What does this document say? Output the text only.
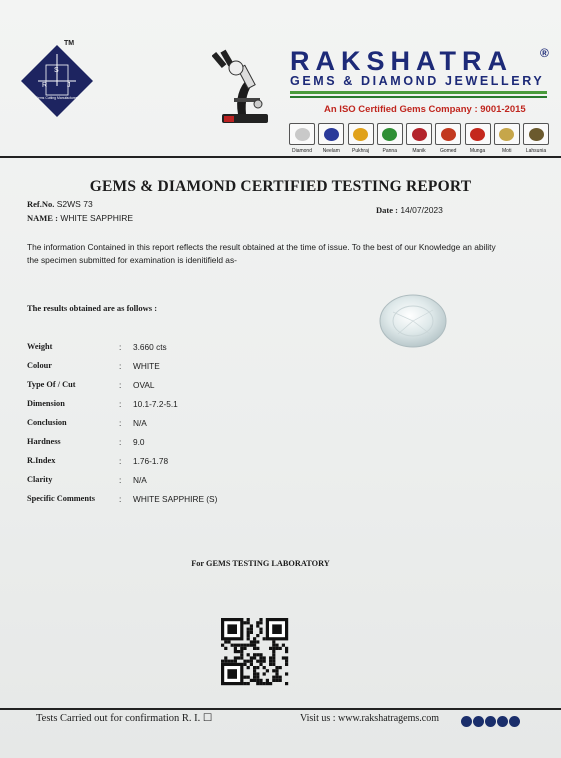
TM
S
R	J
Gems Cutting Manufacturers
RAKSHATRA ®
GEMS & DIAMOND JEWELLERY
An ISO Certified Gems Company : 9001-2015
Diamond Neelam Pukhraj	Panna	Manik	Gomed	Munga	Moti	Lahsunia
GEMS & DIAMOND CERTIFIED TESTING REPORT
Ref.No. S2WS 73
NAME : WHITE SAPPHIRE
Date : 14/07/2023
The information Contained in this report reflects the result obtained at the time of issue. To the best of our Knowledge an ability the specimen submitted for examination is idenitifield as-
The results obtained are as follows :
Weight	:	3.660 cts
Colour	:	WHITE
Type Of / Cut	:	OVAL
Dimension	:	10.1-7.2-5.1
Conclusion	:	N/A
Hardness	:	9.0
R.Index	:	1.76-1.78
Clarity	:	N/A
Specific Comments	:	WHITE SAPPHIRE (S)
For GEMS TESTING LABORATORY
Tests Carried out for confirmation R. I. ☐	Visit us : www.rakshatragems.com
